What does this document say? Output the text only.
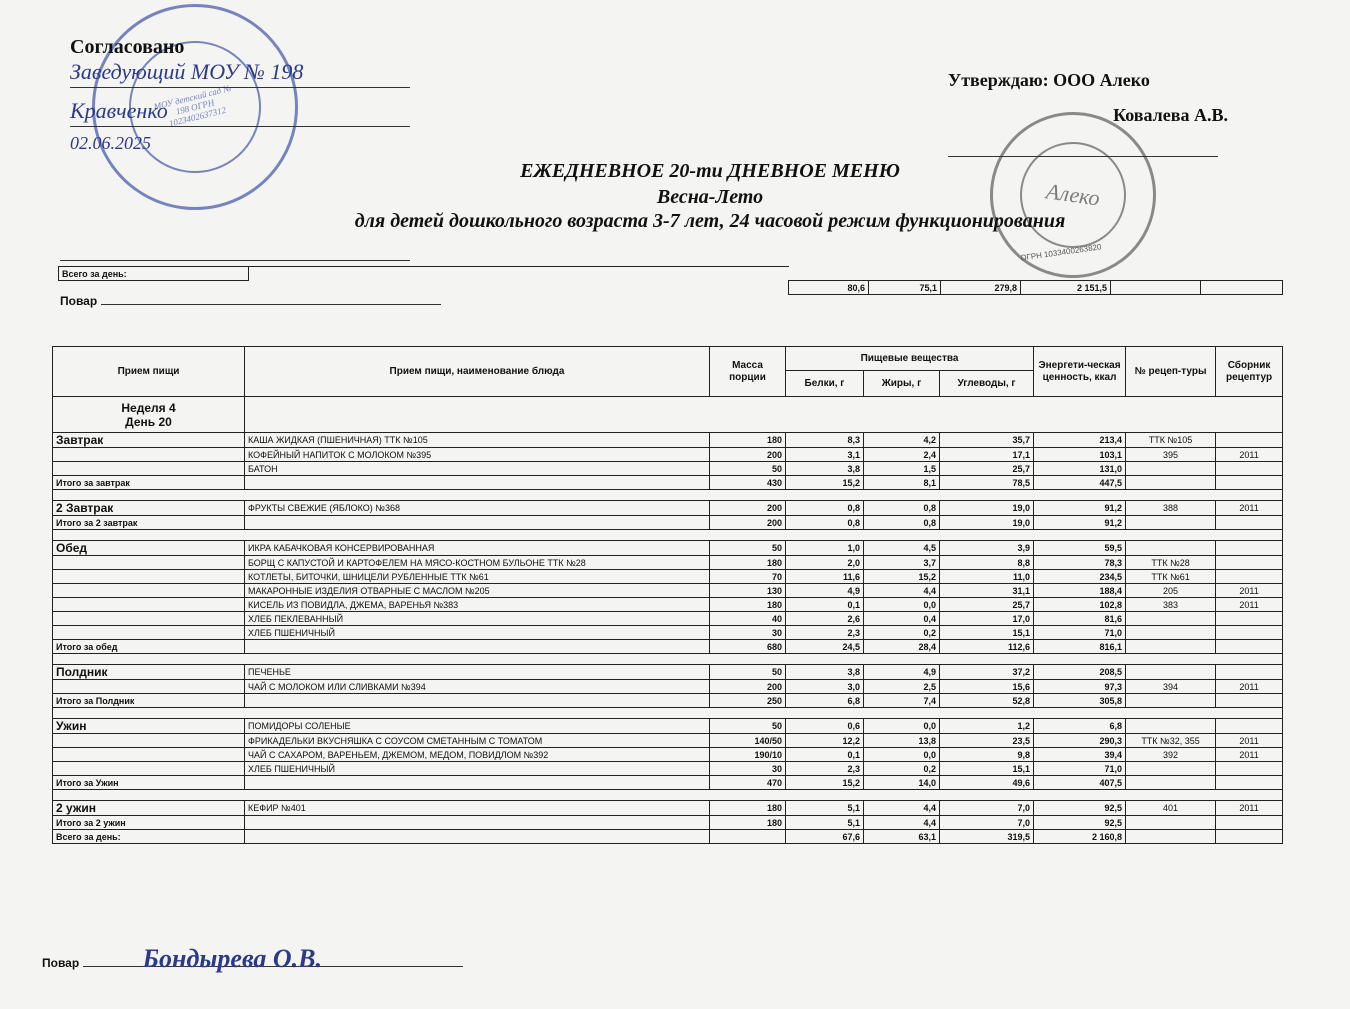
МОУ детский сад № 198 ОГРН 1023402637312
Согласовано
Заведующий МОУ № 198
Кравченко
02.06.2025
Алеко
ОГРН 1033400263820
Утверждаю: ООО Алеко
Ковалева А.В.
ЕЖЕДНЕВНОЕ 20-ти ДНЕВНОЕ МЕНЮ
Весна-Лето
для детей дошкольного возраста 3-7 лет, 24 часовой режим функционирования
Всего за день:							
		80,6	75,1	279,8	2 151,5		
Повар
Прием пищи	Прием пищи, наименование блюда	Масса порции	Пищевые вещества			Энергети-ческая ценность, ккал	№ рецеп-туры	Сборник рецептур
			Белки, г	Жиры, г	Углеводы, г			

Неделя 4
День 20								

Завтрак	КАША ЖИДКАЯ (ПШЕНИЧНАЯ) ТТК №105	180	8,3	4,2	35,7	213,4	ТТК №105	
	КОФЕЙНЫЙ НАПИТОК С МОЛОКОМ №395	200	3,1	2,4	17,1	103,1	395	2011
	БАТОН	50	3,8	1,5	25,7	131,0		
Итого за завтрак		430	15,2	8,1	78,5	447,5		

2 Завтрак	ФРУКТЫ СВЕЖИЕ (ЯБЛОКО) №368	200	0,8	0,8	19,0	91,2	388	2011
Итого за 2 завтрак		200	0,8	0,8	19,0	91,2		

Обед	ИКРА КАБАЧКОВАЯ КОНСЕРВИРОВАННАЯ	50	1,0	4,5	3,9	59,5		
	БОРЩ С КАПУСТОЙ И КАРТОФЕЛЕМ НА МЯСО-КОСТНОМ БУЛЬОНЕ ТТК №28	180	2,0	3,7	8,8	78,3	ТТК №28	
	КОТЛЕТЫ, БИТОЧКИ, ШНИЦЕЛИ РУБЛЕННЫЕ ТТК №61	70	11,6	15,2	11,0	234,5	ТТК №61	
	МАКАРОННЫЕ ИЗДЕЛИЯ ОТВАРНЫЕ С МАСЛОМ №205	130	4,9	4,4	31,1	188,4	205	2011
	КИСЕЛЬ ИЗ ПОВИДЛА, ДЖЕМА, ВАРЕНЬЯ №383	180	0,1	0,0	25,7	102,8	383	2011
	ХЛЕБ ПЕКЛЕВАННЫЙ	40	2,6	0,4	17,0	81,6		
	ХЛЕБ ПШЕНИЧНЫЙ	30	2,3	0,2	15,1	71,0		
Итого за обед		680	24,5	28,4	112,6	816,1		

Полдник	ПЕЧЕНЬЕ	50	3,8	4,9	37,2	208,5		
	ЧАЙ С МОЛОКОМ ИЛИ СЛИВКАМИ №394	200	3,0	2,5	15,6	97,3	394	2011
Итого за Полдник		250	6,8	7,4	52,8	305,8		

Ужин	ПОМИДОРЫ СОЛЕНЫЕ	50	0,6	0,0	1,2	6,8		
	ФРИКАДЕЛЬКИ ВКУСНЯШКА С СОУСОМ СМЕТАННЫМ С ТОМАТОМ	140/50	12,2	13,8	23,5	290,3	ТТК №32, 355	2011
	ЧАЙ С САХАРОМ, ВАРЕНЬЕМ, ДЖЕМОМ, МЕДОМ, ПОВИДЛОМ №392	190/10	0,1	0,0	9,8	39,4	392	2011
	ХЛЕБ ПШЕНИЧНЫЙ	30	2,3	0,2	15,1	71,0		
Итого за Ужин		470	15,2	14,0	49,6	407,5		

2 ужин	КЕФИР №401	180	5,1	4,4	7,0	92,5	401	2011
Итого за 2 ужин		180	5,1	4,4	7,0	92,5		
Всего за день:			67,6	63,1	319,5	2 160,8		
Повар Бондырева О.В.
